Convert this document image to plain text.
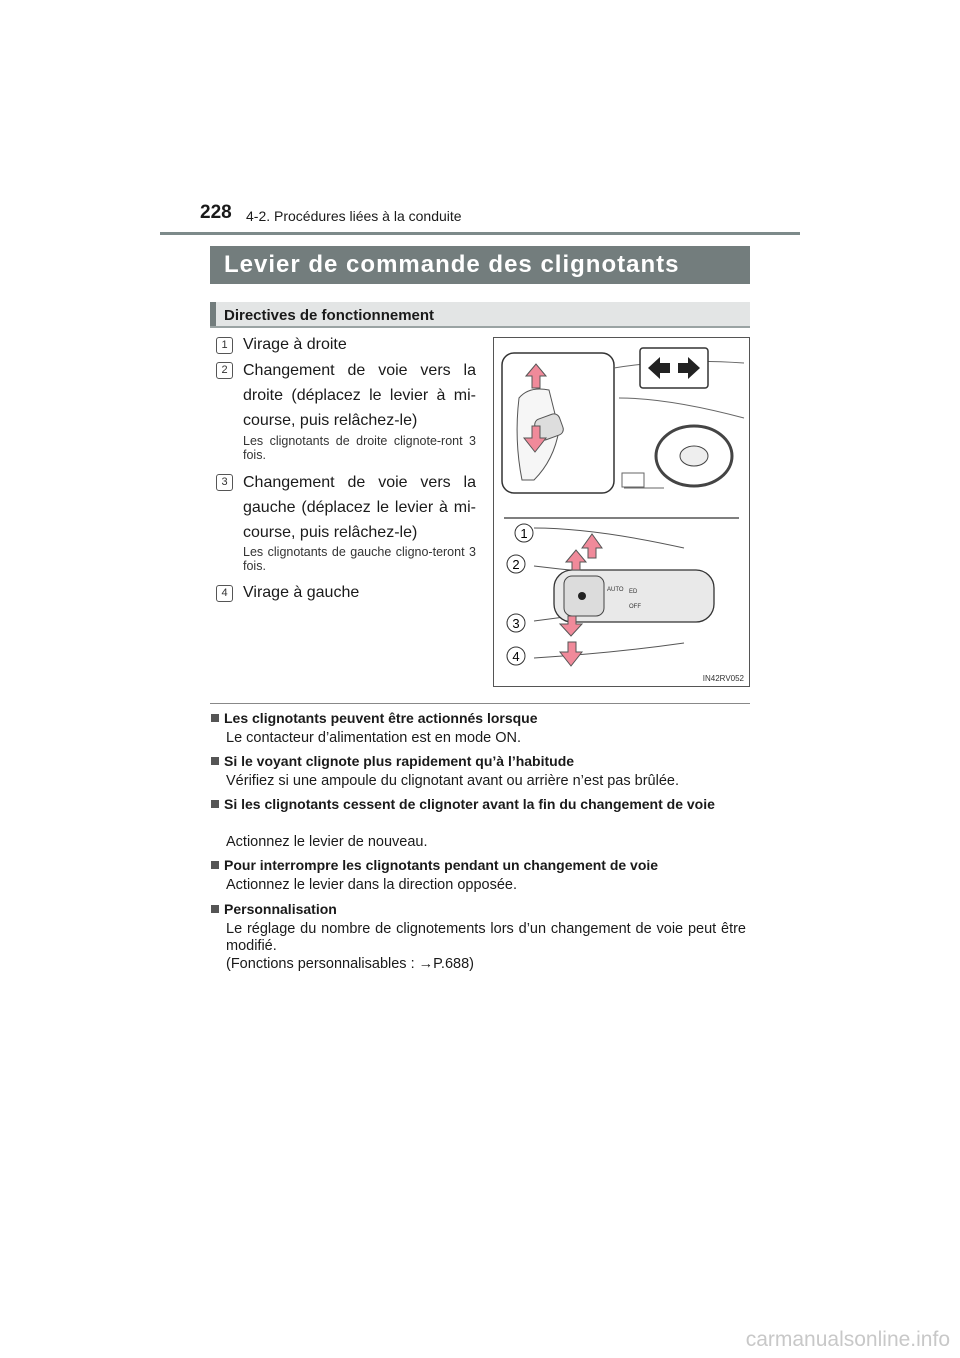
228 4-2. Procédures liées à la conduite
Levier de commande des clignotants
Directives de fonctionnement
1 Virage à droite
2 Changement de voie vers la droite (déplacez le levier à mi-course, puis relâchez-le)
Les clignotants de droite clignote-ront 3 fois.
3 Changement de voie vers la gauche (déplacez le levier à mi-course, puis relâchez-le)
Les clignotants de gauche cligno-teront 3 fois.
4 Virage à gauche	AUTO
OFF
ED
1
2
3
4
IN42RV052
Les clignotants peuvent être actionnés lorsque
Le contacteur d’alimentation est en mode ON.
Si le voyant clignote plus rapidement qu’à l’habitude
Vérifiez si une ampoule du clignotant avant ou arrière n’est pas brûlée.
Si les clignotants cessent de clignoter avant la fin du changement de voie
Actionnez le levier de nouveau.
Pour interrompre les clignotants pendant un changement de voie
Actionnez le levier dans la direction opposée.
Personnalisation
Le réglage du nombre de clignotements lors d’un changement de voie peut être modifié.
(Fonctions personnalisables : →P.688)
carmanualsonline.info
